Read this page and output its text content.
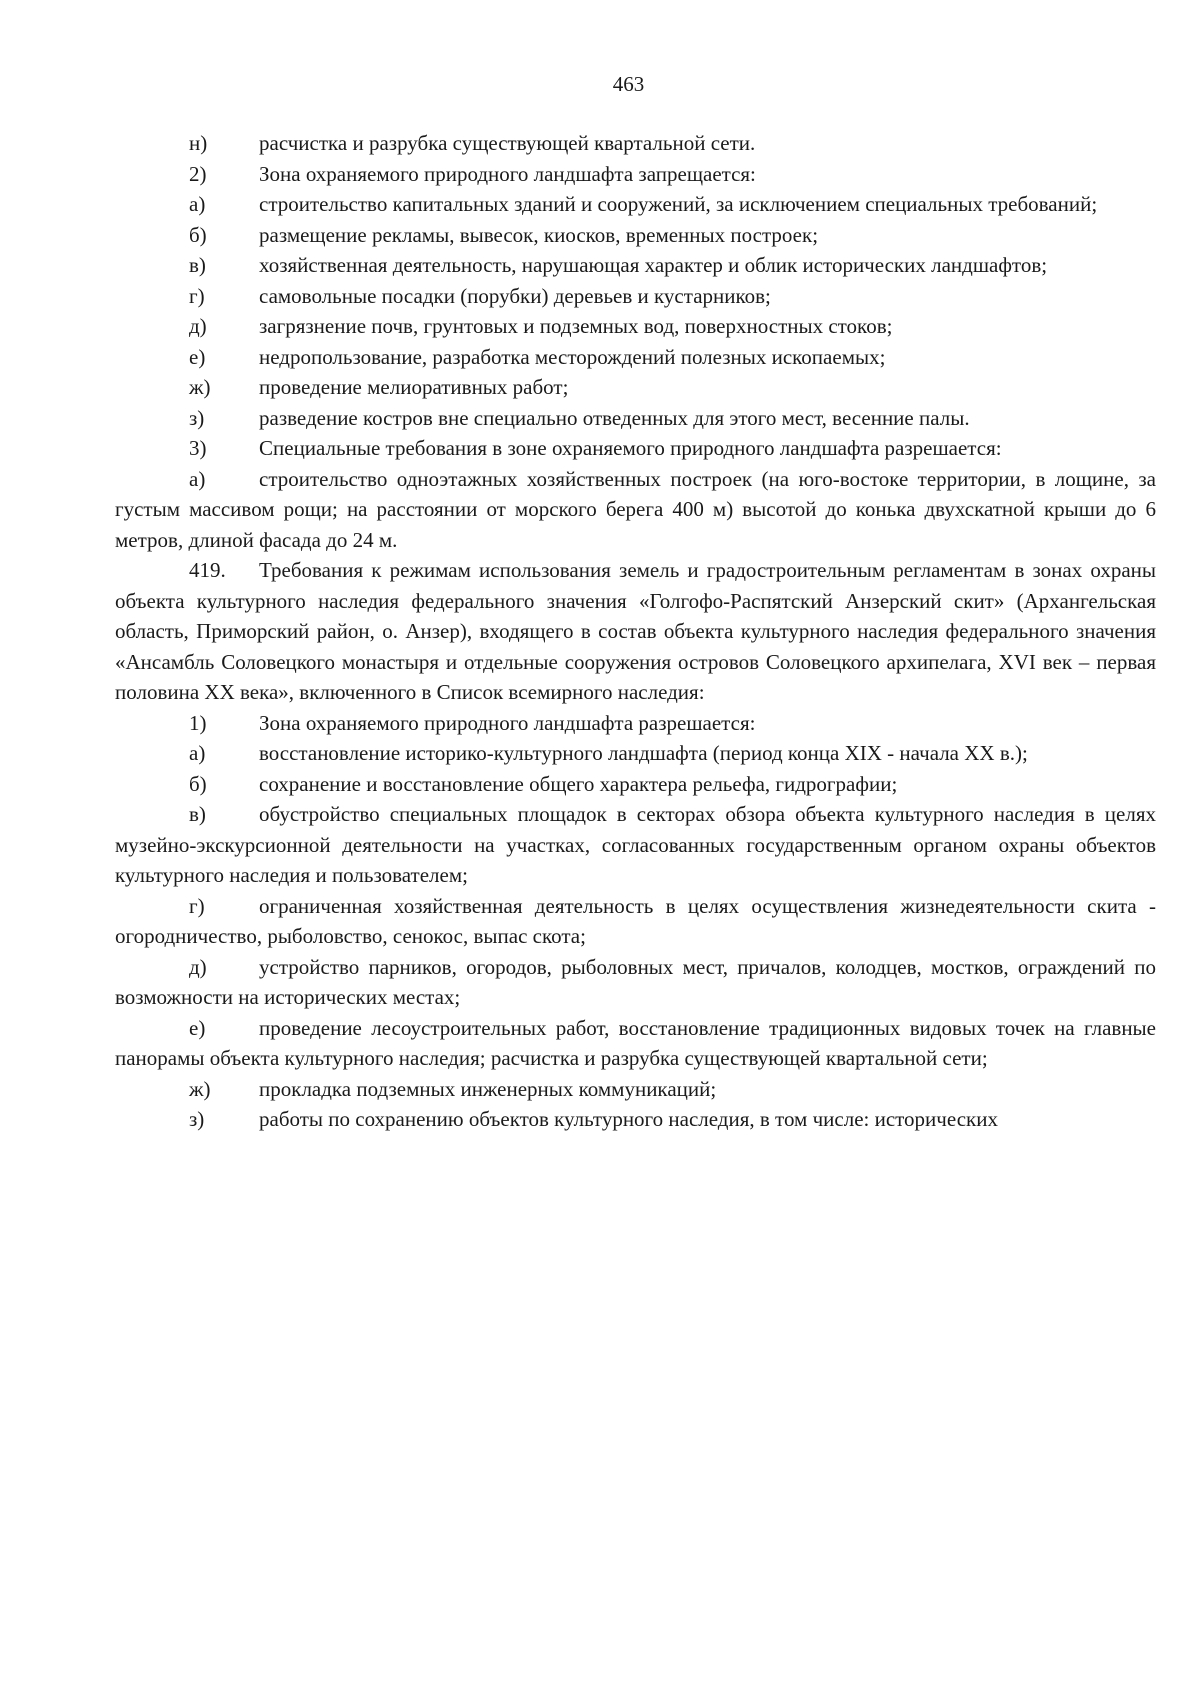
463

н) расчистка и разрубка существующей квартальной сети.

2)	Зона охраняемого природного ландшафта запрещается:

а)	строительство капитальных зданий и сооружений, за исключением специальных требований;

б) размещение рекламы, вывесок, киосков, временных построек;

в)	хозяйственная деятельность, нарушающая характер и облик исторических ландшафтов;

г)	самовольные посадки (порубки) деревьев и кустарников;

д) загрязнение почв, грунтовых и подземных вод, поверхностных стоков;

е)	недропользование, разработка месторождений полезных ископаемых;

ж) проведение мелиоративных работ;

з)	разведение костров вне специально отведенных для этого мест, весенние палы.

3)	Специальные требования в зоне охраняемого природного ландшафта разрешается:

а)	строительство одноэтажных хозяйственных построек (на юго-востоке территории, в лощине, за густым массивом рощи; на расстоянии от морского берега 400 м) высотой до конька двухскатной крыши до 6 метров, длиной фасада до 24 м.

419. Требования к режимам использования земель и градостроительным регламентам в зонах охраны объекта культурного наследия федерального значения «Голгофо-Распятский Анзерский скит» (Архангельская область, Приморский район, о. Анзер), входящего в состав объекта культурного наследия федерального значения «Ансамбль Соловецкого монастыря и отдельные сооружения островов Соловецкого архипелага, XVI век – первая половина XX века», включенного в Список всемирного наследия:

1)	Зона охраняемого природного ландшафта разрешается:

а)	восстановление историко-культурного ландшафта (период конца XIX - начала XX в.);

б) сохранение и восстановление общего характера рельефа, гидрографии;

в)	обустройство специальных площадок в секторах обзора объекта культурного наследия в целях музейно-экскурсионной деятельности на участках, согласованных государственным органом охраны объектов культурного наследия и пользователем;

г)	ограниченная хозяйственная деятельность в целях осуществления жизнедеятельности скита - огородничество, рыболовство, сенокос, выпас скота;

д) устройство парников, огородов, рыболовных мест, причалов, колодцев, мостков, ограждений по возможности на исторических местах;

е)	проведение лесоустроительных работ, восстановление традиционных видовых точек на главные панорамы объекта культурного наследия; расчистка и разрубка существующей квартальной сети;

ж) прокладка подземных инженерных коммуникаций;

з)	работы по сохранению объектов культурного наследия, в том числе: исторических
